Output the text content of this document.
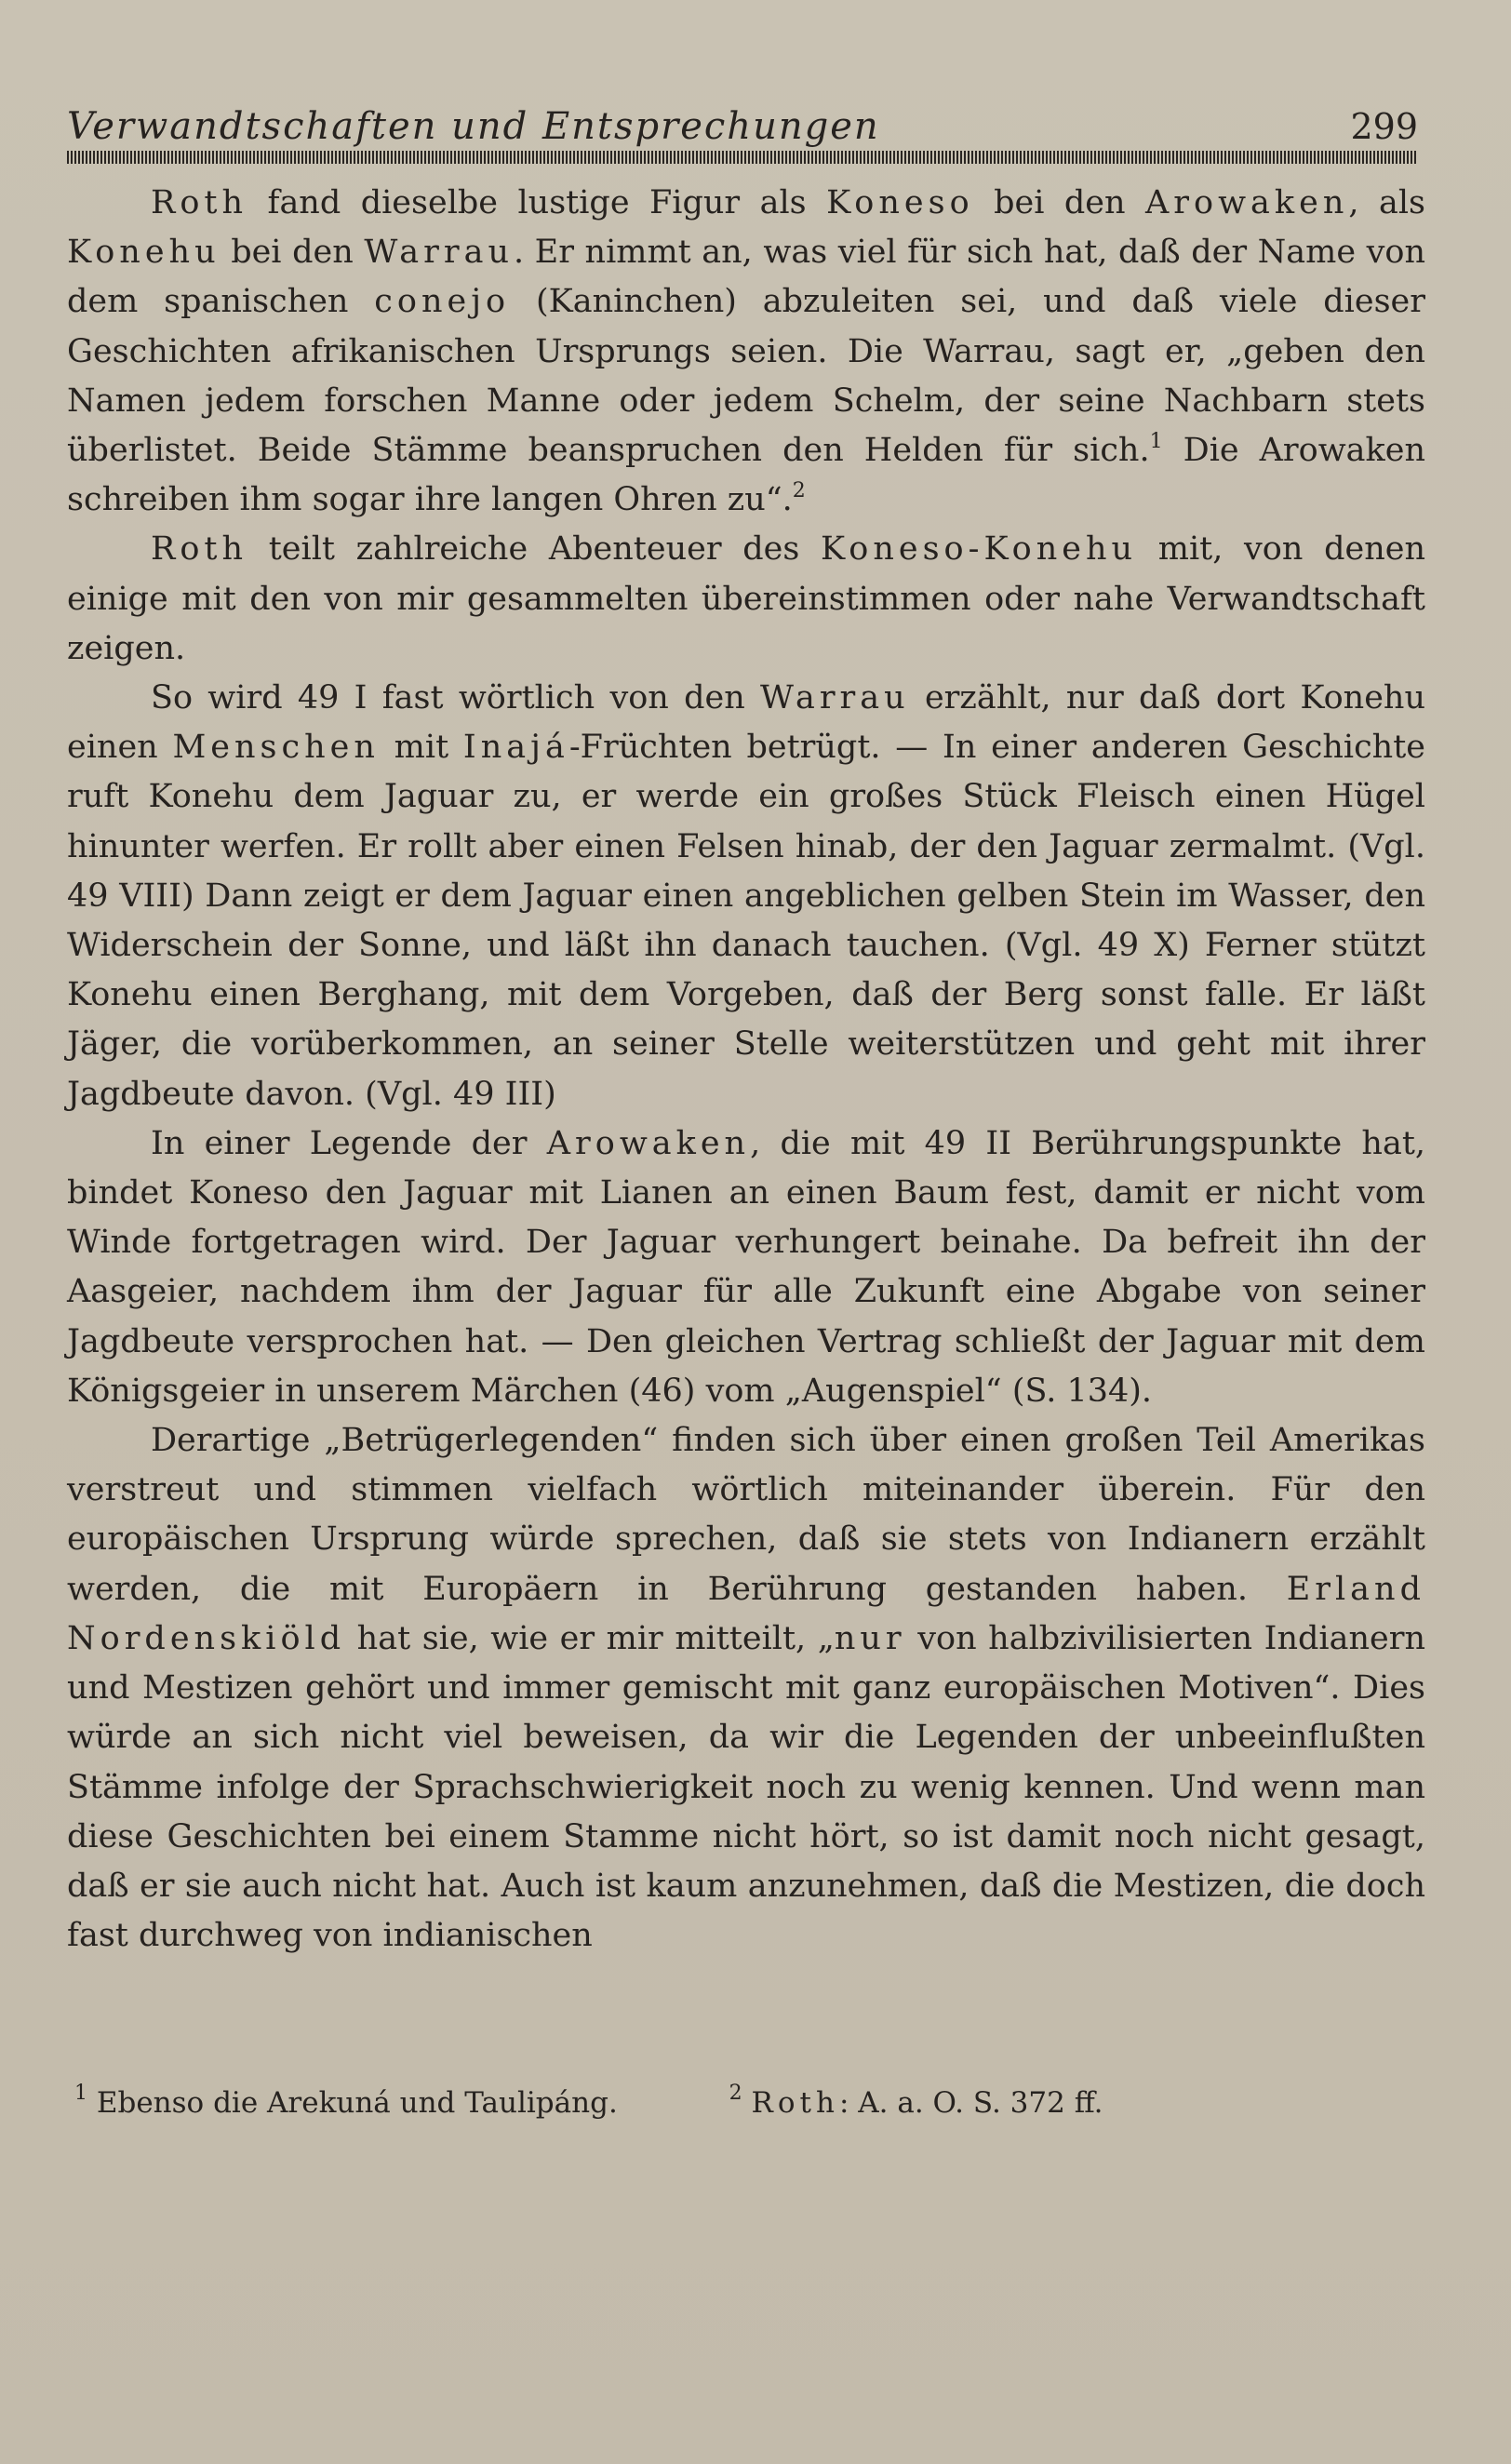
Verwandtschaften und Entsprechungen	299

Roth fand dieselbe lustige Figur als Koneso bei den Arowaken, als Konehu bei den Warrau. Er nimmt an, was viel für sich hat, daß der Name von dem spanischen conejo (Kaninchen) abzuleiten sei, und daß viele dieser Geschichten afrikanischen Ursprungs seien. Die Warrau, sagt er, „geben den Namen jedem forschen Manne oder jedem Schelm, der seine Nachbarn stets überlistet. Beide Stämme beanspruchen den Helden für sich.$^1$ Die Arowaken schreiben ihm sogar ihre langen Ohren zu“.$^2$

Roth teilt zahlreiche Abenteuer des Koneso-Konehu mit, von denen einige mit den von mir gesammelten übereinstimmen oder nahe Verwandtschaft zeigen.

So wird 49 I fast wörtlich von den Warrau erzählt, nur daß dort Konehu einen Menschen mit Inajá-Früchten betrügt. — In einer anderen Geschichte ruft Konehu dem Jaguar zu, er werde ein großes Stück Fleisch einen Hügel hinunter werfen. Er rollt aber einen Felsen hinab, der den Jaguar zermalmt. (Vgl. 49 VIII) Dann zeigt er dem Jaguar einen angeblichen gelben Stein im Wasser, den Widerschein der Sonne, und läßt ihn danach tauchen. (Vgl. 49 X) Ferner stützt Konehu einen Berghang, mit dem Vorgeben, daß der Berg sonst falle. Er läßt Jäger, die vorüberkommen, an seiner Stelle weiterstützen und geht mit ihrer Jagdbeute davon. (Vgl. 49 III)

In einer Legende der Arowaken, die mit 49 II Berührungspunkte hat, bindet Koneso den Jaguar mit Lianen an einen Baum fest, damit er nicht vom Winde fortgetragen wird. Der Jaguar verhungert beinahe. Da befreit ihn der Aasgeier, nachdem ihm der Jaguar für alle Zukunft eine Abgabe von seiner Jagdbeute versprochen hat. — Den gleichen Vertrag schließt der Jaguar mit dem Königsgeier in unserem Märchen (46) vom „Augenspiel“ (S. 134).

Derartige „Betrügerlegenden“ finden sich über einen großen Teil Amerikas verstreut und stimmen vielfach wörtlich miteinander überein. Für den europäischen Ursprung würde sprechen, daß sie stets von Indianern erzählt werden, die mit Europäern in Berührung gestanden haben. Erland Nordenskiöld hat sie, wie er mir mitteilt, „nur von halbzivilisierten Indianern und Mestizen gehört und immer gemischt mit ganz europäischen Motiven“. Dies würde an sich nicht viel beweisen, da wir die Legenden der unbeeinflußten Stämme infolge der Sprachschwierigkeit noch zu wenig kennen. Und wenn man diese Geschichten bei einem Stamme nicht hört, so ist damit noch nicht gesagt, daß er sie auch nicht hat. Auch ist kaum anzunehmen, daß die Mestizen, die doch fast durchweg von indianischen

$^1$ Ebenso die Arekuná und Taulipáng.	$^2$ Roth: A. a. O. S. 372 ff.
